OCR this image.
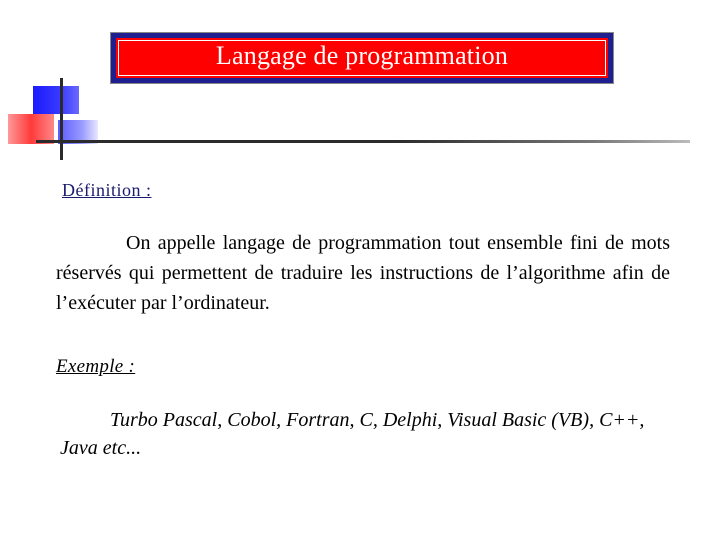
Langage de programmation
Définition :
On appelle langage de programmation tout ensemble fini de mots réservés qui permettent de traduire les instructions de l’algorithme afin de l’exécuter par l’ordinateur.
Exemple :
Turbo Pascal, Cobol, Fortran, C, Delphi, Visual Basic (VB), C++, Java etc...
